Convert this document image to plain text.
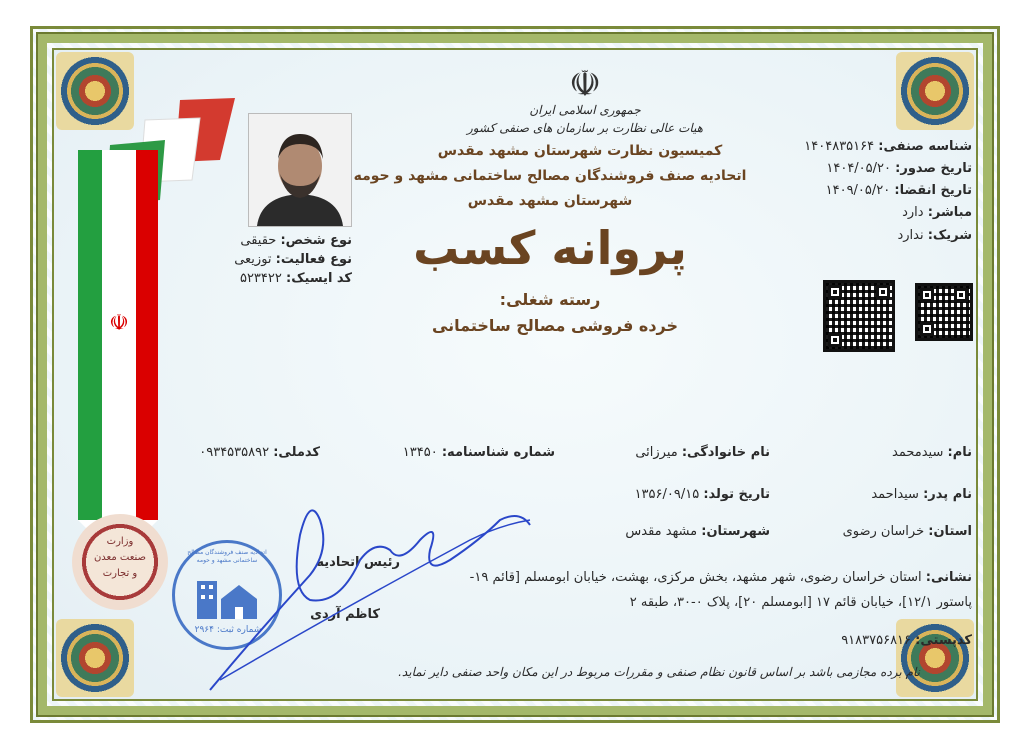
☫
☫
جمهوری اسلامی ایران
هیات عالی نظارت بر سازمان های صنفی کشور
کمیسیون نظارت شهرستان مشهد مقدس
اتحادیه صنف فروشندگان مصالح ساختمانی مشهد و حومه
شهرستان مشهد مقدس
پروانه کسب
رسته شغلی:
خرده فروشی مصالح ساختمانی
نوع شخص: حقیقی
نوع فعالیت: توزیعی
کد ایسیک: ۵۲۳۴۲۲
شناسه صنفی: ۱۴۰۴۸۳۵۱۶۴
تاریخ صدور: ۱۴۰۴/۰۵/۲۰
تاریخ انقضا: ۱۴۰۹/۰۵/۲۰
مباشر: دارد
شریک: ندارد
نام: سیدمحمد
نام خانوادگی: میرزائی
شماره شناسنامه: ۱۳۴۵۰
کدملی: ۰۹۳۴۵۳۵۸۹۲
نام پدر: سیداحمد
تاریخ تولد: ۱۳۵۶/۰۹/۱۵
استان: خراسان رضوی
شهرستان: مشهد مقدس
نشانی: استان خراسان رضوی، شهر مشهد، بخش مرکزی، بهشت، خیابان ابومسلم [قائم ۱۹-
پاستور ۱۲/۱]، خیابان قائم ۱۷ [ابومسلم ۲۰]، پلاک ۰-۳۰، طبقه ۲
کدپستی: ۹۱۸۳۷۵۶۸۱۶
نام برده مجازمی باشد بر اساس قانون نظام صنفی و مقررات مربوط در این مکان واحد صنفی دایر نماید.
وزارت
صنعت معدن
و تجارت
اتحادیه صنف فروشندگان مصالح ساختمانی مشهد و حومه
شماره ثبت: ۲۹۶۴
رئیس اتحادیه
کاظم آردی
